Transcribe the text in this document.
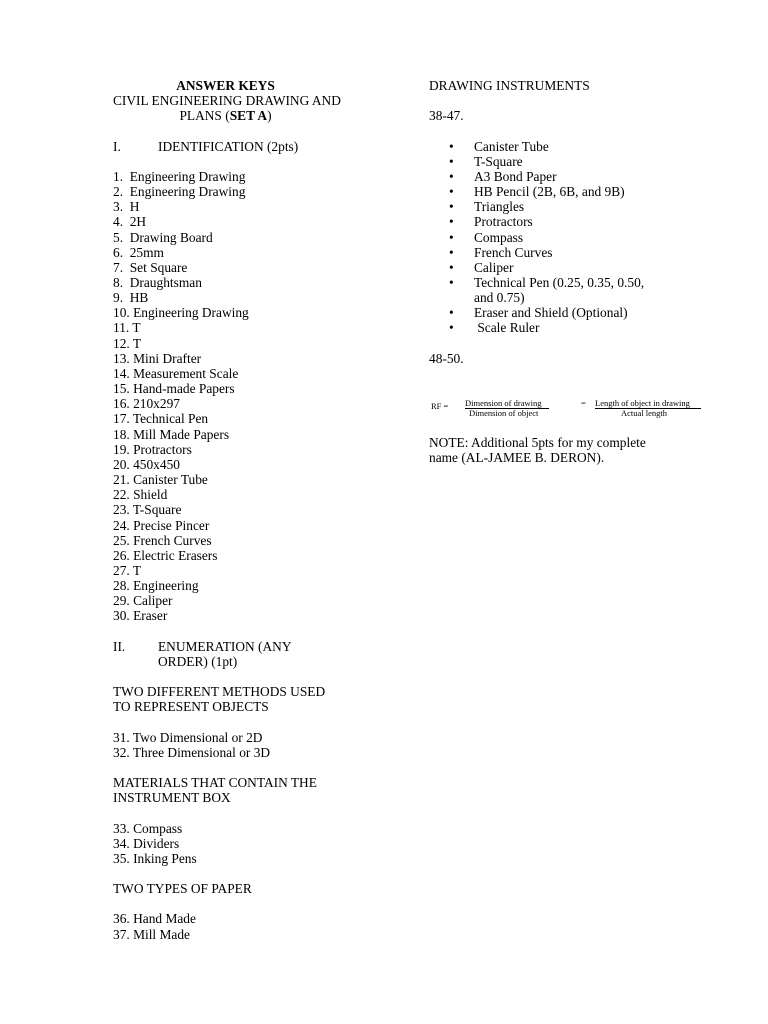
ANSWER KEYS
CIVIL ENGINEERING DRAWING AND
PLANS (SET A)
I.	IDENTIFICATION (2pts)
1.  Engineering Drawing
2.  Engineering Drawing
3.  H
4.  2H
5.  Drawing Board
6.  25mm
7.  Set Square
8.  Draughtsman
9.  HB
10. Engineering Drawing
11. T
12. T
13. Mini Drafter
14. Measurement Scale
15. Hand-made Papers
16. 210x297
17. Technical Pen
18. Mill Made Papers
19. Protractors
20. 450x450
21. Canister Tube
22. Shield
23. T-Square
24. Precise Pincer
25. French Curves
26. Electric Erasers
27. T
28. Engineering
29. Caliper
30. Eraser
II.	ENUMERATION (ANY
ORDER) (1pt)
TWO DIFFERENT METHODS USED
TO REPRESENT OBJECTS
31. Two Dimensional or 2D
32. Three Dimensional or 3D
MATERIALS THAT CONTAIN THE
INSTRUMENT BOX
33. Compass
34. Dividers
35. Inking Pens
TWO TYPES OF PAPER
36. Hand Made
37. Mill Made
DRAWING INSTRUMENTS
38-47.
• Canister Tube
• T-Square
• A3 Bond Paper
• HB Pencil (2B, 6B, and 9B)
• Triangles
• Protractors
• Compass
• French Curves
• Caliper
• Technical Pen (0.25, 0.35, 0.50,
and 0.75)
• Eraser and Shield (Optional)
• Scale Ruler
48-50.
RF = Dimension of drawing
Dimension of object
= Length of object in drawing
Actual length
NOTE: Additional 5pts for my complete
name (AL-JAMEE B. DERON).
